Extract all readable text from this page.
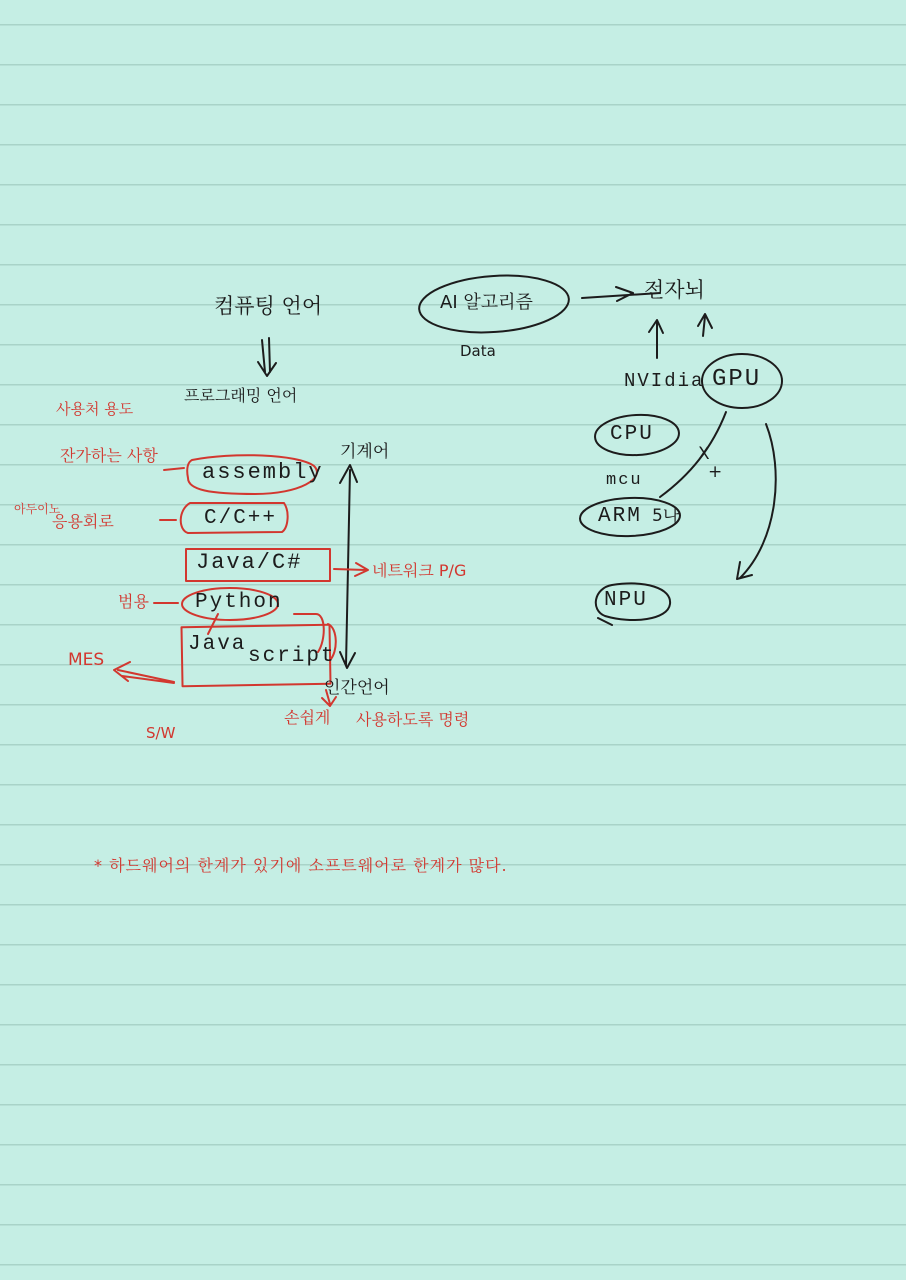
컴퓨팅 언어
프로그래밍 언어
기계어
인간언어
assembly
C/C++
Java/C#
Python
Java
script
사용처 용도
잔가하는 사항
아두이노
응용회로
네트워크 P/G
범용
MES
S/W
손쉽게 사용하도록 명령
AI 알고리즘
Data
전자뇌
NVIdia GPU
CPU
mcu
ARM 5나
+
X
NPU
* 하드웨어의 한계가 있기에 소프트웨어로 한계가 많다.
